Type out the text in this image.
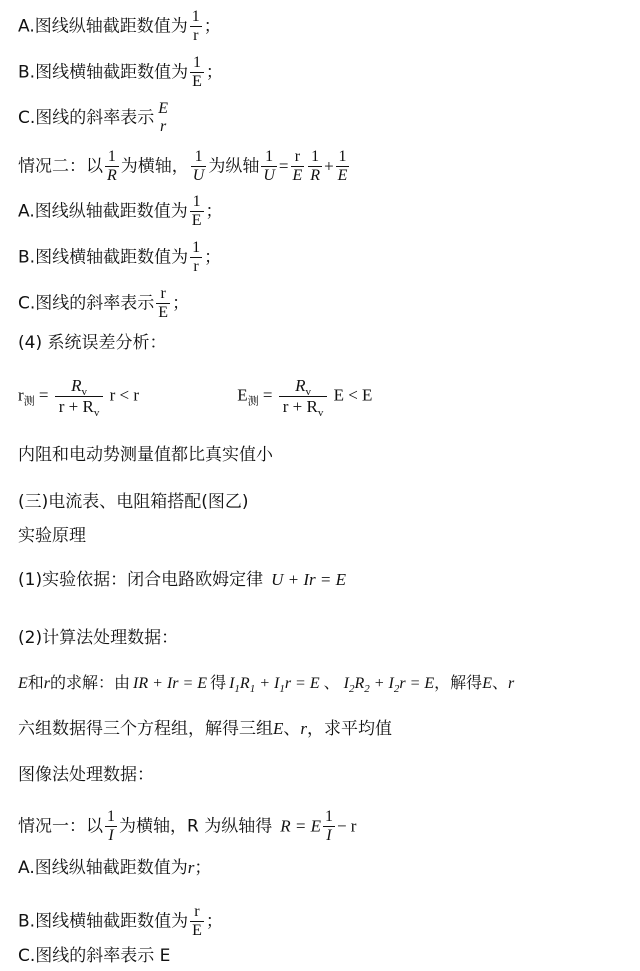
A.图线纵轴截距数值为 $\frac{1}{r}$ ；
B.图线横轴截距数值为 $\frac{1}{E}$ ；
C.图线的斜率表示 E
r
情况二：以 $\frac{1}{R}$ 为横轴， $\frac{1}{U}$ 为纵轴 $\frac{1}{U} = \frac{r}{E} \frac{1}{R} + \frac{1}{E}$
A.图线纵轴截距数值为 $\frac{1}{E}$ ；
B.图线横轴截距数值为 $\frac{1}{r}$ ；
C.图线的斜率表示 $\frac{r}{E}$ ；
(4) 系统误差分析：
$r_测 = \frac{R_v}{r + R_v}$ r < r	$E_测 = \frac{R_v}{r + R_v}$ E < E
内阻和电动势测量值都比真实值小
(三)电流表、电阻箱搭配(图乙)
实验原理
(1)实验依据：闭合电路欧姆定律 U + Ir = E
(2)计算法处理数据：
E和r的求解：由 IR + Ir = E 得 $I_1R_1 + I_1r = E$ 、 $I_2R_2 + I_2r = E$，解得E、r
六组数据得三个方程组，解得三组E、r，求平均值
图像法处理数据：
情况一：以 $\frac{1}{I}$ 为横轴，R 为纵轴得 R = E $\frac{1}{I} - r$
A.图线纵轴截距数值为r；
B.图线横轴截距数值为 $\frac{r}{E}$ ；
C.图线的斜率表示 E
